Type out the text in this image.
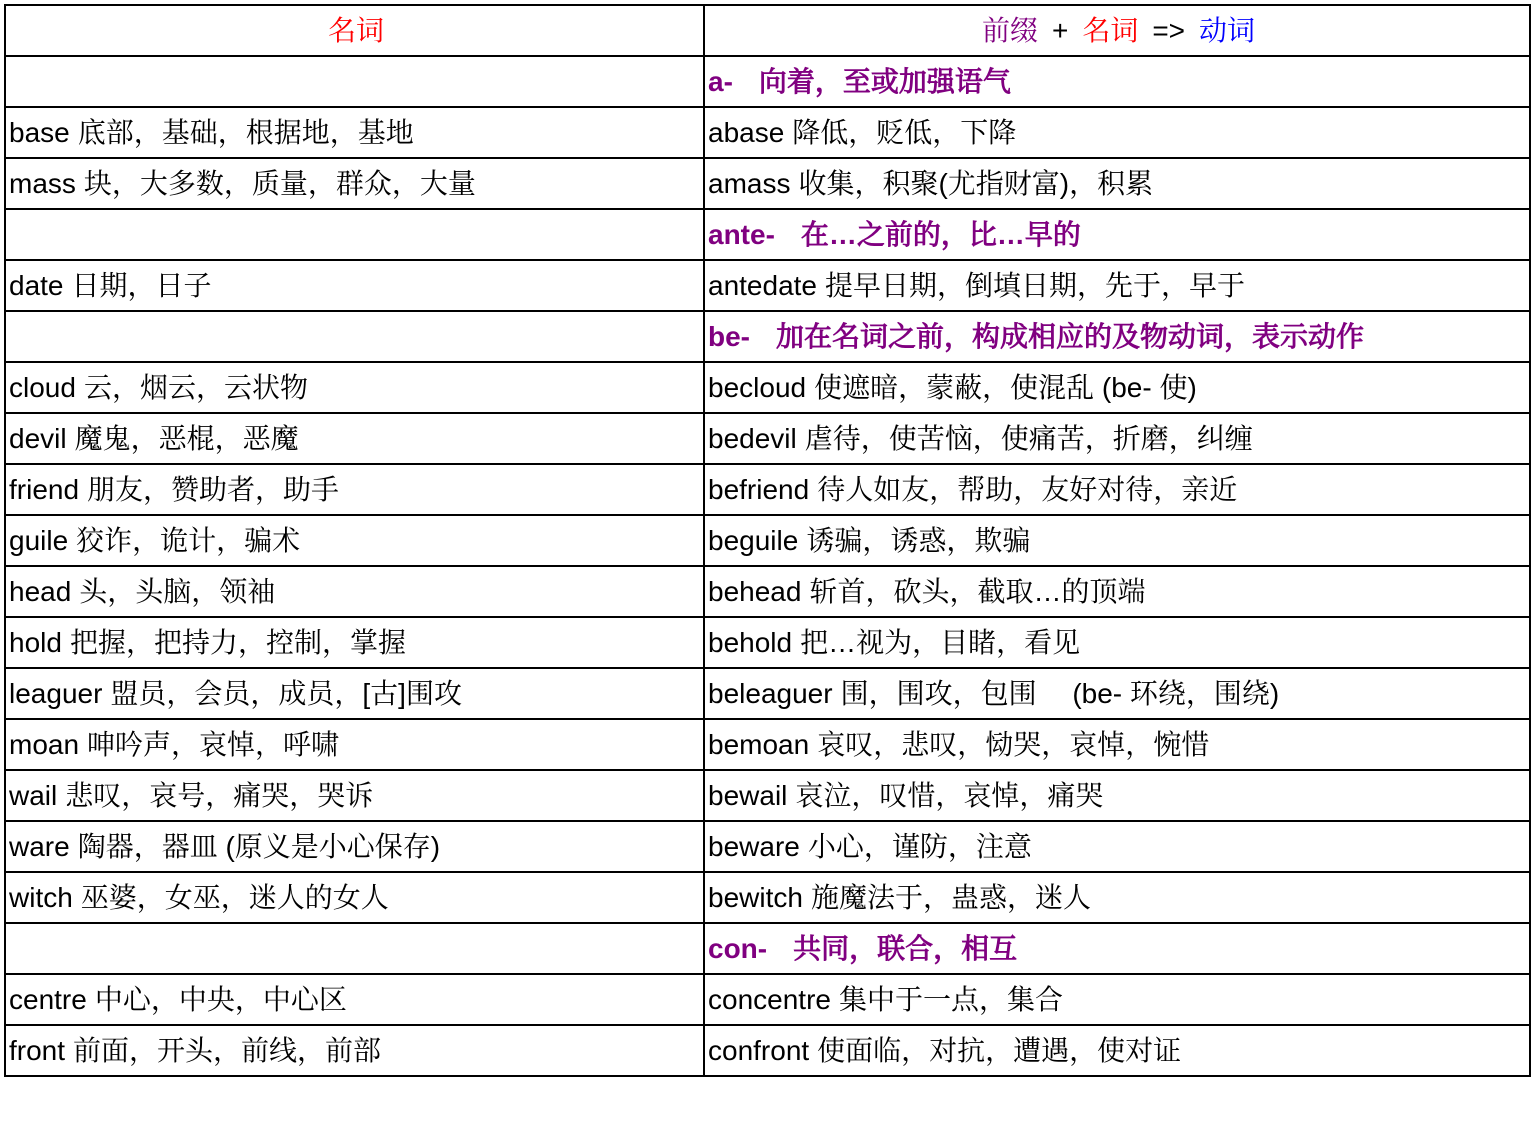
名词	前缀 + 名词 => 动词
	a- 向着，至或加强语气
base 底部，基础，根据地，基地	abase 降低，贬低，下降
mass 块，大多数，质量，群众，大量	amass 收集，积聚(尤指财富)，积累
	ante- 在…之前的，比…早的
date 日期，日子	antedate 提早日期，倒填日期，先于，早于
	be- 加在名词之前，构成相应的及物动词，表示动作
cloud 云，烟云，云状物	becloud 使遮暗，蒙蔽，使混乱 (be- 使)
devil 魔鬼，恶棍，恶魔	bedevil 虐待，使苦恼，使痛苦，折磨，纠缠
friend 朋友，赞助者，助手	befriend 待人如友，帮助，友好对待，亲近
guile 狡诈，诡计，骗术	beguile 诱骗，诱惑，欺骗
head 头，头脑，领袖	behead 斩首，砍头，截取…的顶端
hold 把握，把持力，控制，掌握	behold 把…视为，目睹，看见
leaguer 盟员，会员，成员，[古]围攻	beleaguer 围，围攻，包围　 (be- 环绕，围绕)
moan 呻吟声，哀悼，呼啸	bemoan 哀叹，悲叹，恸哭，哀悼，惋惜
wail 悲叹，哀号，痛哭，哭诉	bewail 哀泣，叹惜，哀悼，痛哭
ware 陶器，器皿 (原义是小心保存)	beware 小心，谨防，注意
witch 巫婆，女巫，迷人的女人	bewitch 施魔法于，蛊惑，迷人
	con- 共同，联合，相互
centre 中心，中央，中心区	concentre 集中于一点，集合
front 前面，开头，前线，前部	confront 使面临，对抗，遭遇，使对证
